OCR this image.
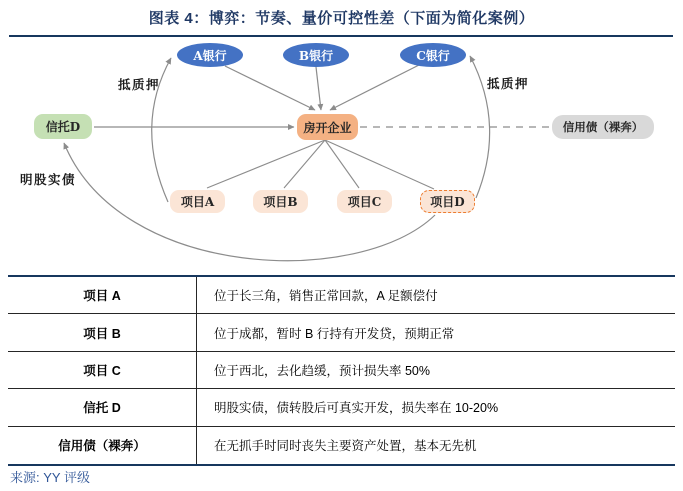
图表 4：博弈：节奏、量价可控性差（下面为简化案例）
A银行	B银行	C银行
信托D	房开企业	信用债（裸奔）
项目A	项目B	项目C	项目D
抵质押	抵质押
明股实债
项目 A	位于长三角，销售正常回款，A 足额偿付
项目 B	位于成都，暂时 B 行持有开发贷，预期正常
项目 C	位于西北，去化趋缓，预计损失率 50%
信托 D	明股实债，债转股后可真实开发，损失率在 10-20%
信用债（裸奔）	在无抓手时同时丧失主要资产处置，基本无先机
来源: YY 评级
